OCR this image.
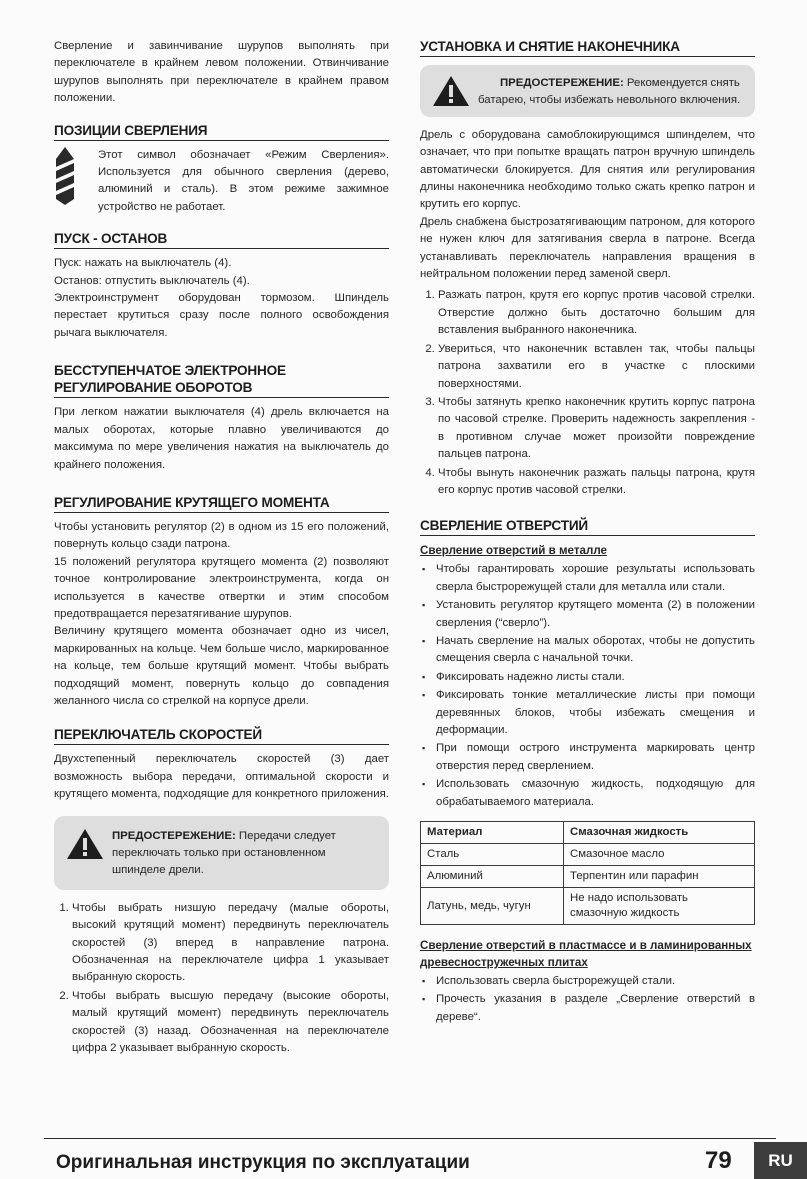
Сверление и завинчивание шурупов выполнять при переключателе в крайнем левом положении. Отвинчивание шурупов выполнять при переключателе в крайнем правом положении.

ПОЗИЦИИ СВЕРЛЕНИЯ

Этот символ обозначает «Режим Сверления». Используется для обычного сверления (дерево, алюминий и сталь). В этом режиме зажимное устройство не работает.

ПУСК - ОСТАНОВ

Пуск: нажать на выключатель (4).

Останов: отпустить выключатель (4).

Электроинструмент оборудован тормозом. Шпиндель перестает крутиться сразу после полного освобождения рычага выключателя.

БЕССТУПЕНЧАТОЕ ЭЛЕКТРОННОЕ РЕГУЛИРОВАНИЕ ОБОРОТОВ

При легком нажатии выключателя (4) дрель включается на малых оборотах, которые плавно увеличиваются до максимума по мере увеличения нажатия на выключатель до крайнего положения.

РЕГУЛИРОВАНИЕ КРУТЯЩЕГО МОМЕНТА

Чтобы установить регулятор (2) в одном из 15 его положений, повернуть кольцо сзади патрона.

15 положений регулятора крутящего момента (2) позволяют точное контролирование электроинструмента, когда он используется в качестве отвертки и этим способом предотвращается перезатягивание шурупов.

Величину крутящего момента обозначает одно из чисел, маркированных на кольце. Чем больше число, маркированное на кольце, тем больше крутящий момент. Чтобы выбрать подходящий момент, повернуть кольцо до совпадения желанного числа со стрелкой на корпусе дрели.

ПЕРЕКЛЮЧАТЕЛЬ СКОРОСТЕЙ

Двухстепенный переключатель скоростей (3) дает возможность выбора передачи, оптимальной скорости и крутящего момента, подходящие для конкретного приложения.

ПРЕДОСТЕРЕЖЕНИЕ: Передачи следует переключать только при остановленном шпинделе дрели.
1. Чтобы выбрать низшую передачу (малые обороты, высокий крутящий момент) передвинуть переключатель скоростей (3) вперед в направление патрона. Обозначенная на переключателе цифра 1 указывает выбранную скорость.
2. Чтобы выбрать высшую передачу (высокие обороты, малый крутящий момент) передвинуть переключатель скоростей (3) назад. Обозначенная на переключателе цифра 2 указывает выбранную скорость.
УСТАНОВКА И СНЯТИЕ НАКОНЕЧНИКА
ПРЕДОСТЕРЕЖЕНИЕ: Рекомендуется снять батарею, чтобы избежать невольного включения.

Дрель с оборудована самоблокирующимся шпинделем, что означает, что при попытке вращать патрон вручную шпиндель автоматически блокируется. Для снятия или регулирования длины наконечника необходимо только сжать крепко патрон и крутить его корпус.

Дрель снабжена быстрозатягивающим патроном, для которого не нужен ключ для затягивания сверла в патроне. Всегда устанавливать переключатель направления вращения в нейтральном положении перед заменой сверл.

1. Разжать патрон, крутя его корпус против часовой стрелки. Отверстие должно быть достаточно большим для вставления выбранного наконечника.
2. Увериться, что наконечник вставлен так, чтобы пальцы патрона захватили его в участке с плоскими поверхностями.
3. Чтобы затянуть крепко наконечник крутить корпус патрона по часовой стрелке. Проверить надежность закрепления - в противном случае может произойти повреждение пальцев патрона.
4. Чтобы вынуть наконечник разжать пальцы патрона, крутя его корпус против часовой стрелки.
СВЕРЛЕНИЕ ОТВЕРСТИЙ
Сверление отверстий в металле
▪ Чтобы гарантировать хорошие результаты использовать сверла быстрорежущей стали для металла или стали.
▪ Установить регулятор крутящего момента (2) в положении сверления (“сверло”).
▪ Начать сверление на малых оборотах, чтобы не допустить смещения сверла с начальной точки.
▪ Фиксировать надежно листы стали.
▪ Фиксировать тонкие металлические листы при помощи деревянных блоков, чтобы избежать смещения и деформации.
▪ При помощи острого инструмента маркировать центр отверстия перед сверлением.
▪ Использовать смазочную жидкость, подходящую для обрабатываемого материала.
Материал	Смазочная жидкость
Сталь	Смазочное масло
Алюминий	Терпентин или парафин
Латунь, медь, чугун	Не надо использовать смазочную жидкость
Сверление отверстий в пластмассе и в ламинированных древесностружечных плитах
▪ Использовать сверла быстрорежущей стали.
▪ Прочесть указания в разделе „Сверление отверстий в дереве“.
Оригинальная инструкция по эксплуатации	79	RU
